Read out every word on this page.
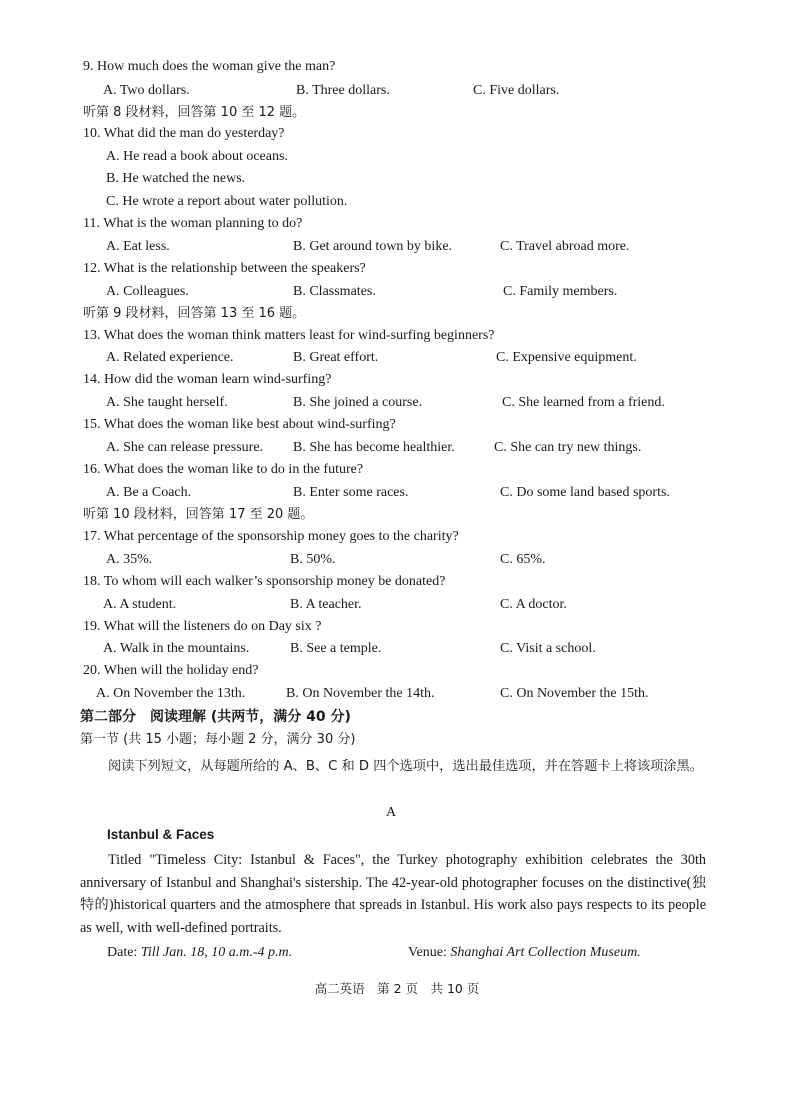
9. How much does the woman give the man?
A. Two dollars.	B. Three dollars.	C. Five dollars.
听第 8 段材料，回答第 10 至 12 题。
10. What did the man do yesterday?
A. He read a book about oceans.
B. He watched the news.
C. He wrote a report about water pollution.
11. What is the woman planning to do?
A. Eat less.	B. Get around town by bike.	C. Travel abroad more.
12. What is the relationship between the speakers?
A. Colleagues.	B. Classmates.	C. Family members.
听第 9 段材料，回答第 13 至 16 题。
13. What does the woman think matters least for wind-surfing beginners?
A. Related experience.	B. Great effort.	C. Expensive equipment.
14. How did the woman learn wind-surfing?
A. She taught herself.	B. She joined a course.	C. She learned from a friend.
15. What does the woman like best about wind-surfing?
A. She can release pressure. B. She has become healthier.	C. She can try new things.
16. What does the woman like to do in the future?
A. Be a Coach.	B. Enter some races.	C. Do some land based sports.
听第 10 段材料，回答第 17 至 20 题。
17. What percentage of the sponsorship money goes to the charity?
A. 35%.	B. 50%.	C. 65%.
18. To whom will each walker’s sponsorship money be donated?
A. A student.	B. A teacher.	C. A doctor.
19. What will the listeners do on Day six ?
A. Walk in the mountains.	B. See a temple.	C. Visit a school.
20. When will the holiday end?
A. On November the 13th.	B. On November the 14th.	C. On November the 15th.
第二部分　阅读理解 (共两节，满分 40 分)
第一节 (共 15 小题；每小题 2 分，满分 30 分)
阅读下列短文，从每题所给的 A、B、C 和 D 四个选项中，选出最佳选项，并在答题卡上将该项涂黑。
A
Istanbul & Faces
Titled "Timeless City: Istanbul & Faces", the Turkey photography exhibition celebrates the 30th anniversary of Istanbul and Shanghai's sistership. The 42-year-old photographer focuses on the distinctive(独特的)historical quarters and the atmosphere that spreads in Istanbul. His work also pays respects to its people as well, with well-defined portraits.
Date: Till Jan. 18, 10 a.m.-4 p.m.	Venue: Shanghai Art Collection Museum.
高二英语　第 2 页　共 10 页
